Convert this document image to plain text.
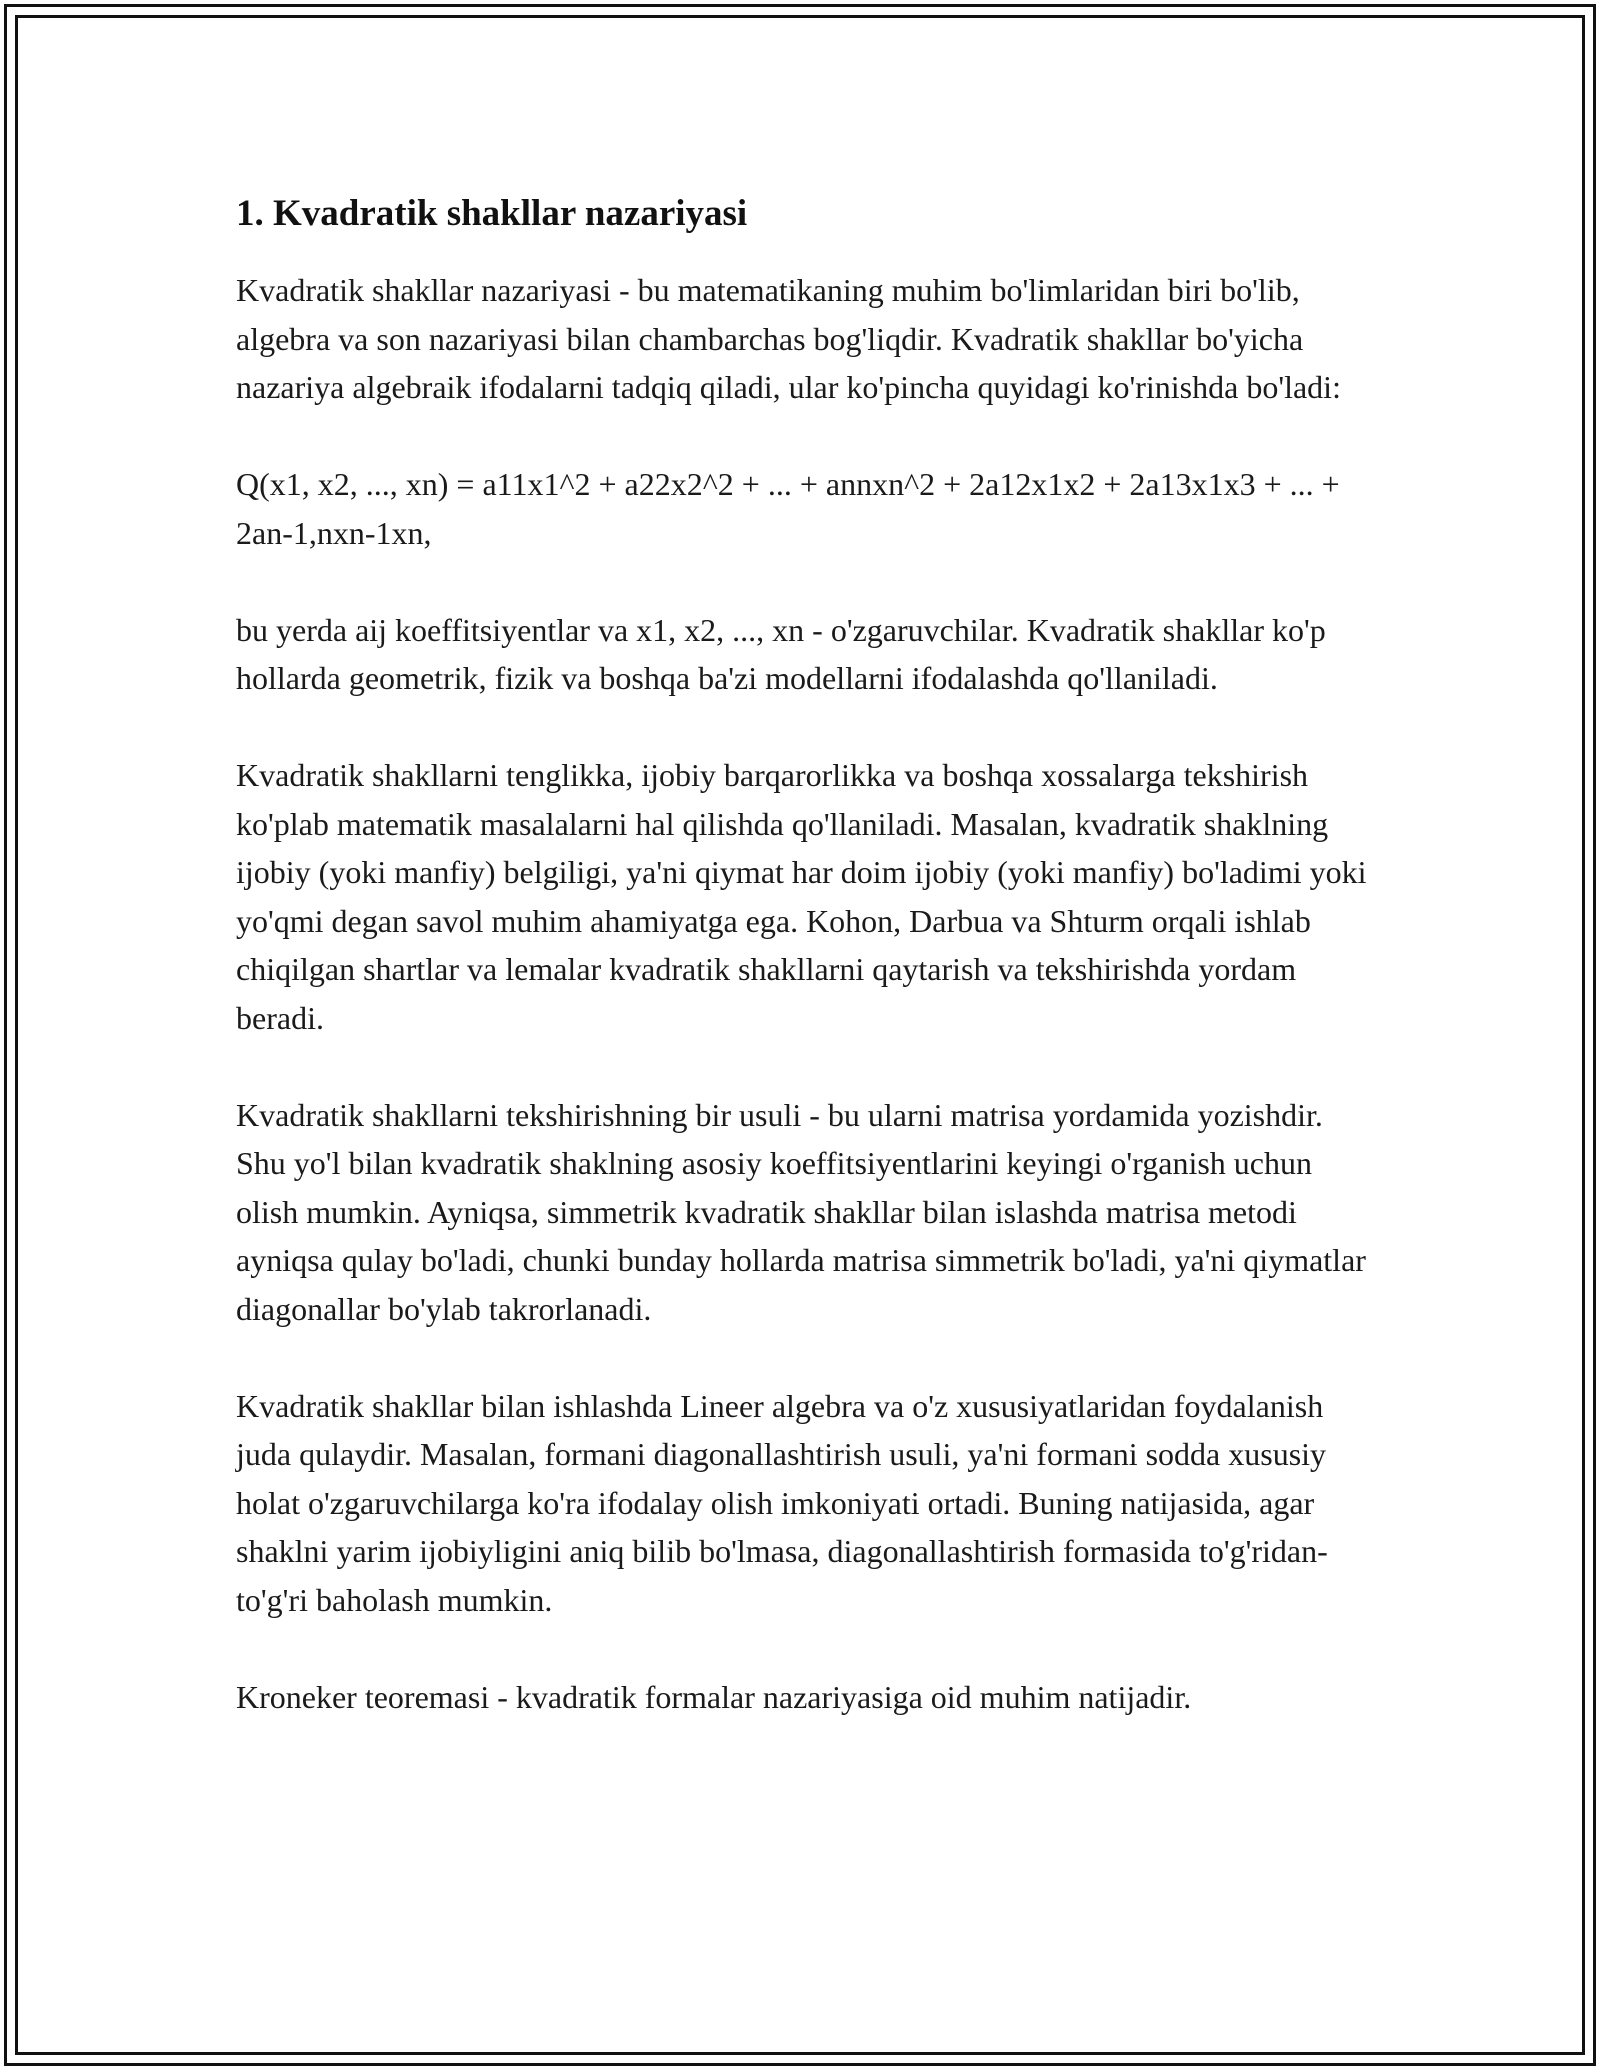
1. Kvadratik shakllar nazariyasi

Kvadratik shakllar nazariyasi - bu matematikaning muhim bo'limlaridan biri bo'lib, algebra va son nazariyasi bilan chambarchas bog'liqdir. Kvadratik shakllar bo'yicha nazariya algebraik ifodalarni tadqiq qiladi, ular ko'pincha quyidagi ko'rinishda bo'ladi:

Q(x1, x2, ..., xn) = a11x1^2 + a22x2^2 + ... + annxn^2 + 2a12x1x2 + 2a13x1x3 + ... + 2an-1,nxn-1xn,

bu yerda aij koeffitsiyentlar va x1, x2, ..., xn - o'zgaruvchilar. Kvadratik shakllar ko'p hollarda geometrik, fizik va boshqa ba'zi modellarni ifodalashda qo'llaniladi.

Kvadratik shakllarni tenglikka, ijobiy barqarorlikka va boshqa xossalarga tekshirish ko'plab matematik masalalarni hal qilishda qo'llaniladi. Masalan, kvadratik shaklning ijobiy (yoki manfiy) belgiligi, ya'ni qiymat har doim ijobiy (yoki manfiy) bo'ladimi yoki yo'qmi degan savol muhim ahamiyatga ega. Kohon, Darbua va Shturm orqali ishlab chiqilgan shartlar va lemalar kvadratik shakllarni qaytarish va tekshirishda yordam beradi.

Kvadratik shakllarni tekshirishning bir usuli - bu ularni matrisa yordamida yozishdir. Shu yo'l bilan kvadratik shaklning asosiy koeffitsiyentlarini keyingi o'rganish uchun olish mumkin. Ayniqsa, simmetrik kvadratik shakllar bilan islashda matrisa metodi ayniqsa qulay bo'ladi, chunki bunday hollarda matrisa simmetrik bo'ladi, ya'ni qiymatlar diagonallar bo'ylab takrorlanadi.

Kvadratik shakllar bilan ishlashda Lineer algebra va o'z xususiyatlaridan foydalanish juda qulaydir. Masalan, formani diagonallashtirish usuli, ya'ni formani sodda xususiy holat o'zgaruvchilarga ko'ra ifodalay olish imkoniyati ortadi. Buning natijasida, agar shaklni yarim ijobiyligini aniq bilib bo'lmasa, diagonallashtirish formasida to'g'ridan-to'g'ri baholash mumkin.

Kroneker teoremasi - kvadratik formalar nazariyasiga oid muhim natijadir.
